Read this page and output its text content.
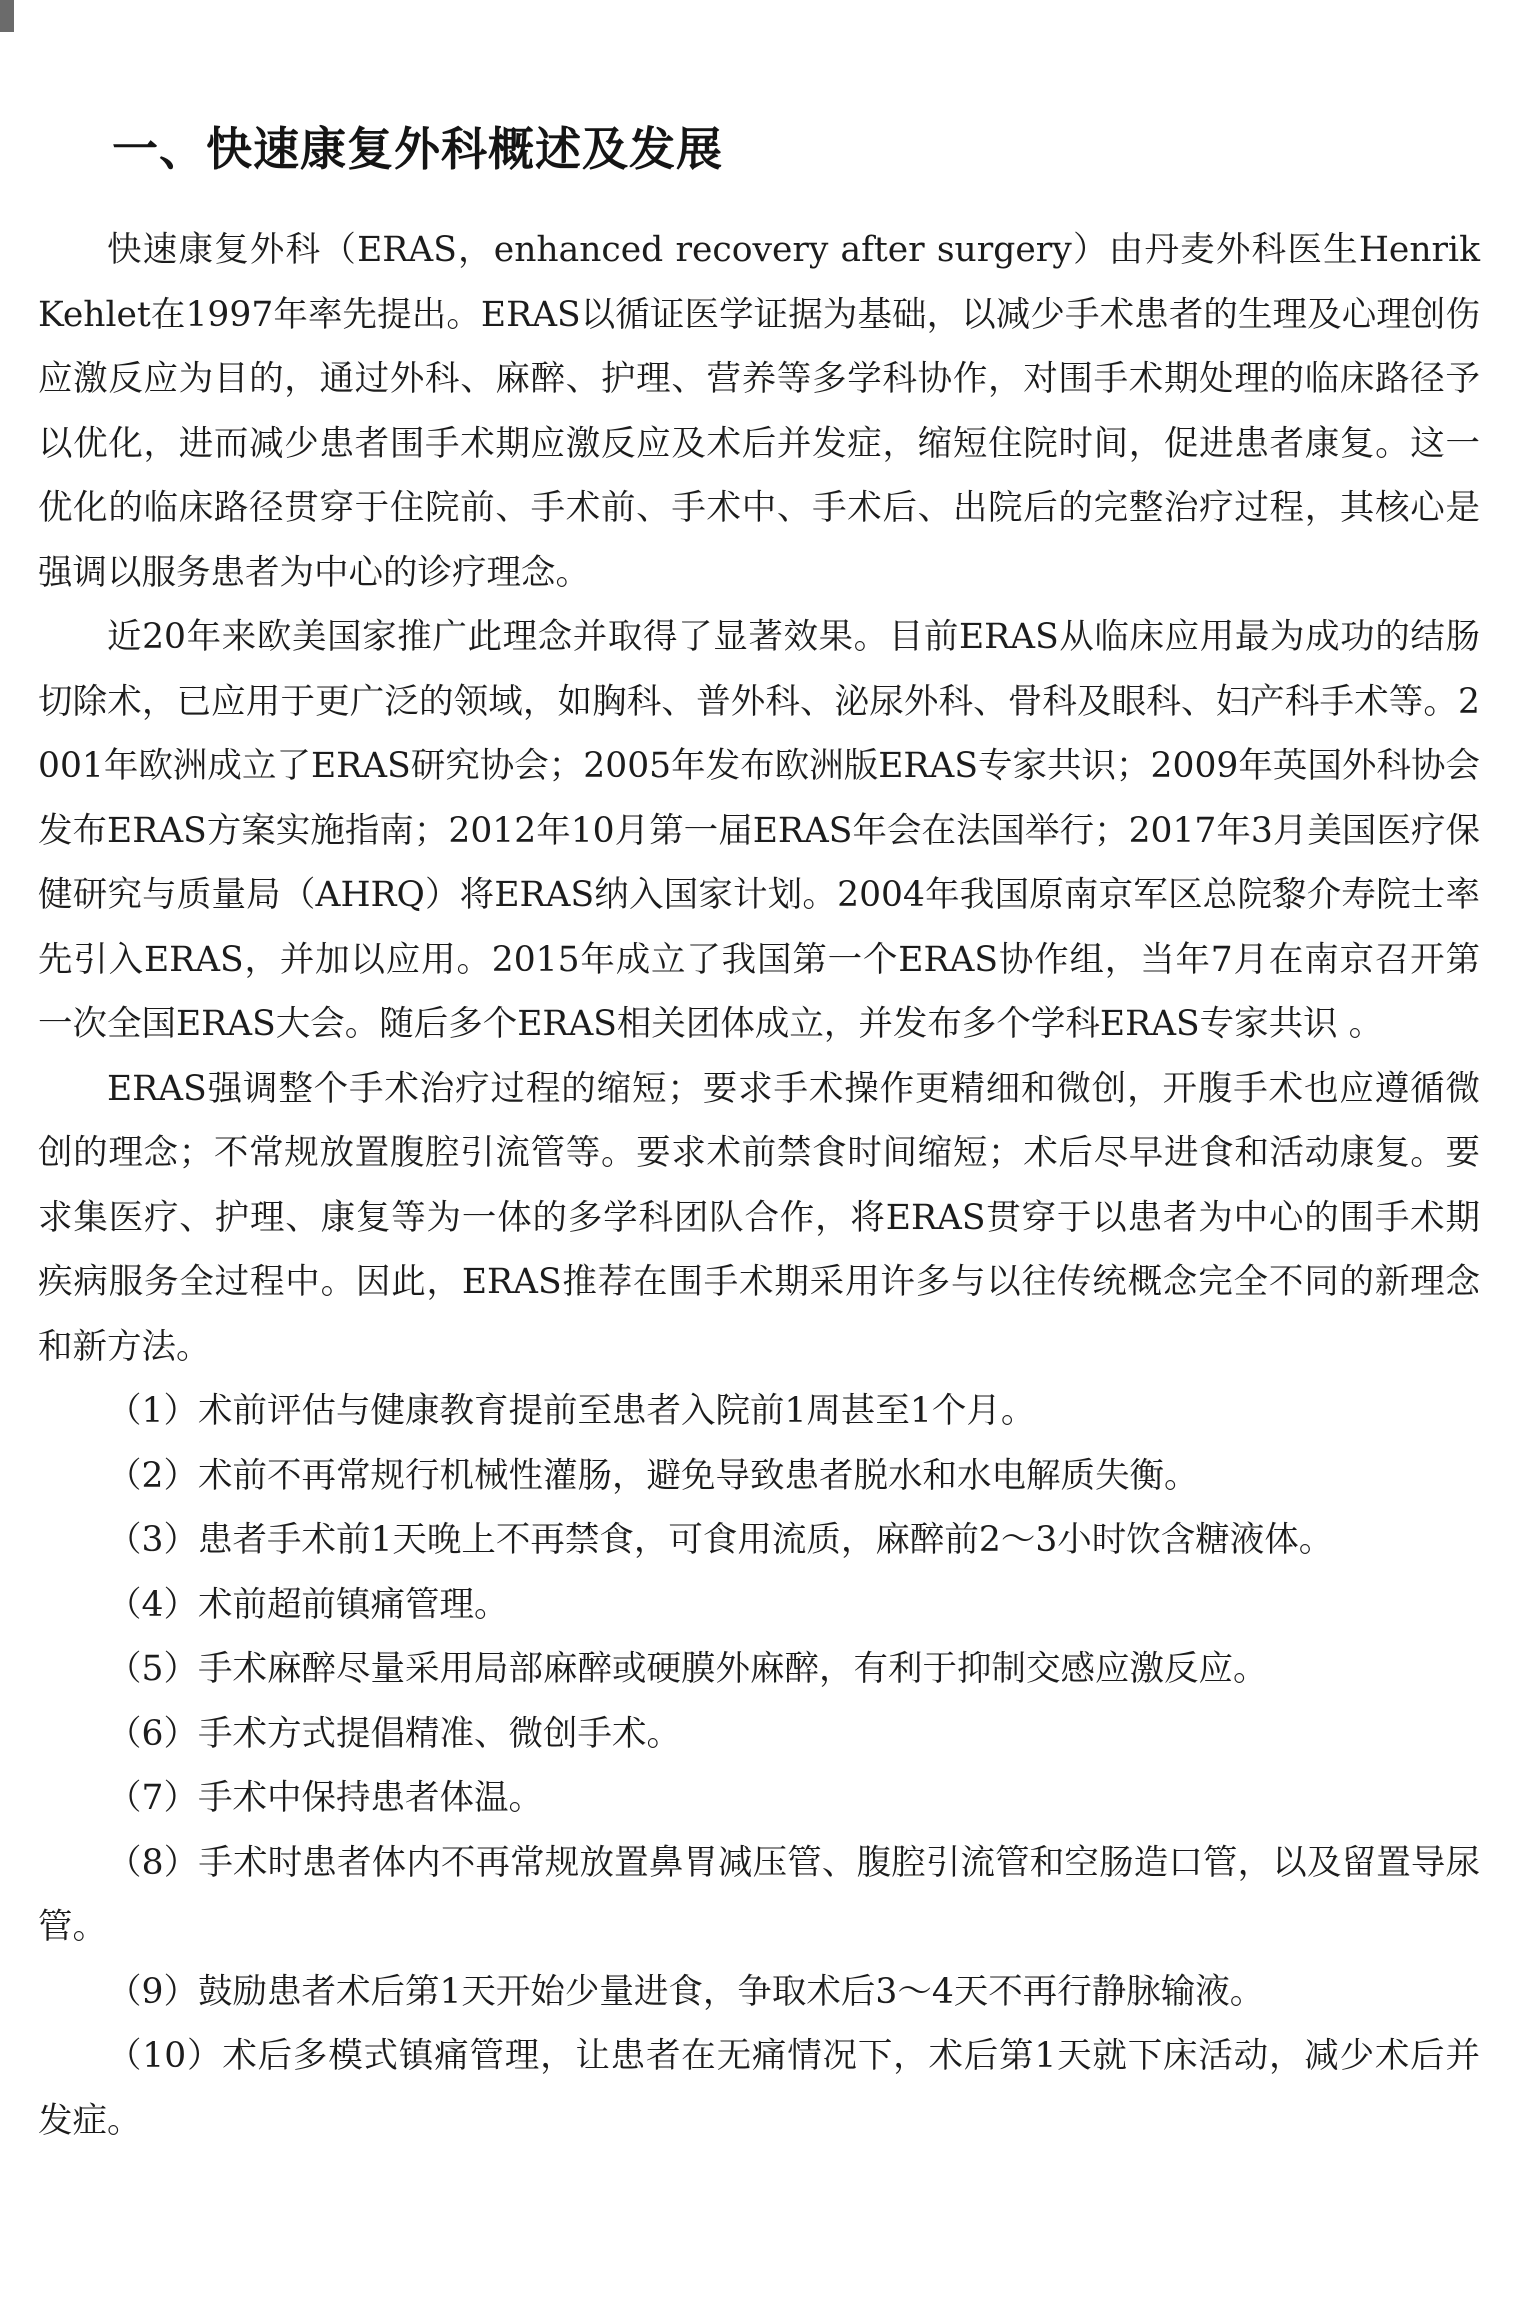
一、快速康复外科概述及发展

快速康复外科（ERAS，enhanced recovery after surgery）由丹麦外科医生Henrik Kehlet在1997年率先提出。ERAS以循证医学证据为基础，以减少手术患者的生理及心理创伤应激反应为目的，通过外科、麻醉、护理、营养等多学科协作，对围手术期处理的临床路径予以优化，进而减少患者围手术期应激反应及术后并发症，缩短住院时间，促进患者康复。这一优化的临床路径贯穿于住院前、手术前、手术中、手术后、出院后的完整治疗过程，其核心是强调以服务患者为中心的诊疗理念。

近20年来欧美国家推广此理念并取得了显著效果。目前ERAS从临床应用最为成功的结肠切除术，已应用于更广泛的领域，如胸科、普外科、泌尿外科、骨科及眼科、妇产科手术等。2001年欧洲成立了ERAS研究协会；2005年发布欧洲版ERAS专家共识；2009年英国外科协会发布ERAS方案实施指南；2012年10月第一届ERAS年会在法国举行；2017年3月美国医疗保健研究与质量局（AHRQ）将ERAS纳入国家计划。2004年我国原南京军区总院黎介寿院士率先引入ERAS，并加以应用。2015年成立了我国第一个ERAS协作组，当年7月在南京召开第一次全国ERAS大会。随后多个ERAS相关团体成立，并发布多个学科ERAS专家共识 。

ERAS强调整个手术治疗过程的缩短；要求手术操作更精细和微创，开腹手术也应遵循微创的理念；不常规放置腹腔引流管等。要求术前禁食时间缩短；术后尽早进食和活动康复。要求集医疗、护理、康复等为一体的多学科团队合作，将ERAS贯穿于以患者为中心的围手术期疾病服务全过程中。因此，ERAS推荐在围手术期采用许多与以往传统概念完全不同的新理念和新方法。

（1）术前评估与健康教育提前至患者入院前1周甚至1个月。
（2）术前不再常规行机械性灌肠，避免导致患者脱水和水电解质失衡。
（3）患者手术前1天晚上不再禁食，可食用流质，麻醉前2～3小时饮含糖液体。
（4）术前超前镇痛管理。
（5）手术麻醉尽量采用局部麻醉或硬膜外麻醉，有利于抑制交感应激反应。
（6）手术方式提倡精准、微创手术。
（7）手术中保持患者体温。
（8）手术时患者体内不再常规放置鼻胃减压管、腹腔引流管和空肠造口管，以及留置导尿管。
（9）鼓励患者术后第1天开始少量进食，争取术后3～4天不再行静脉输液。
（10）术后多模式镇痛管理，让患者在无痛情况下，术后第1天就下床活动，减少术后并发症。
